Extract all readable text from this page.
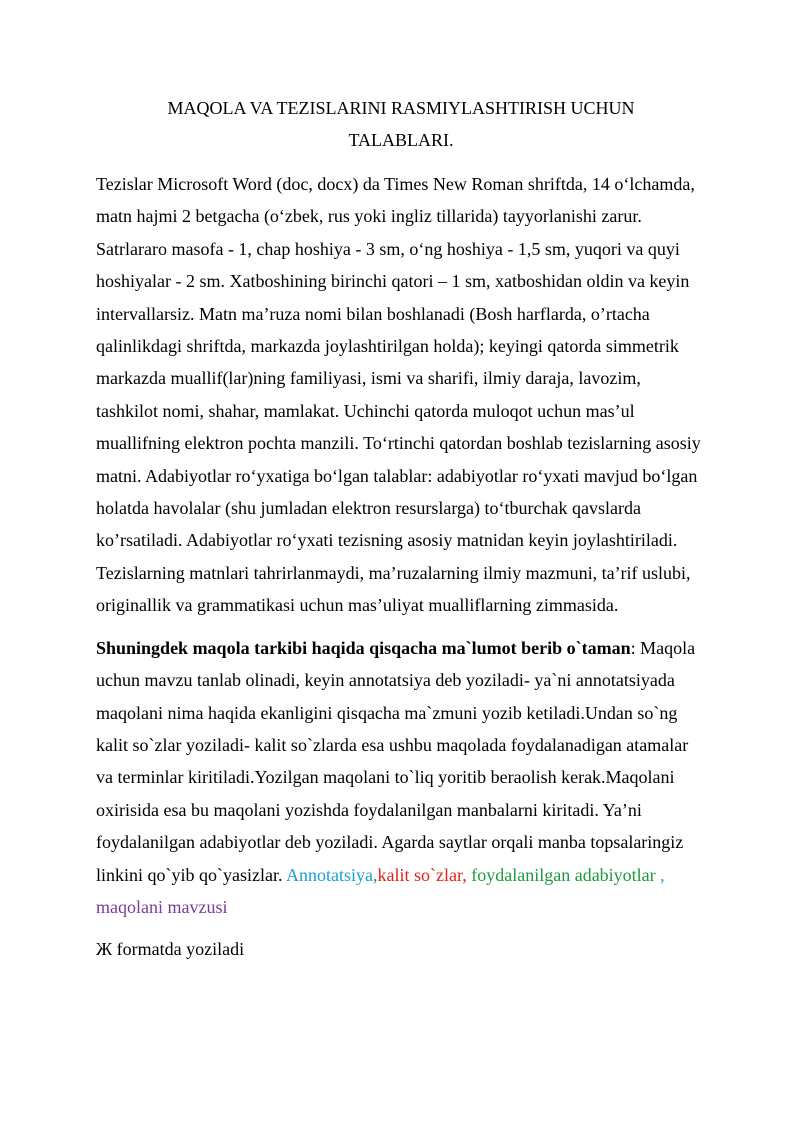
MAQOLA VA TEZISLARINI RASMIYLASHTIRISH UCHUN
TALABLARI.

Tezislar Microsoft Word (doc, docx) da Times New Roman shriftda, 14 o‘lchamda, matn hajmi 2 betgacha (o‘zbek, rus yoki ingliz tillarida) tayyorlanishi zarur. Satrlararo masofa - 1, chap hoshiya - 3 sm, o‘ng hoshiya - 1,5 sm, yuqori va quyi hoshiyalar - 2 sm. Xatboshining birinchi qatori – 1 sm, xatboshidan oldin va keyin intervallarsiz. Matn ma’ruza nomi bilan boshlanadi (Bosh harflarda, o’rtacha qalinlikdagi shriftda, markazda joylashtirilgan holda); keyingi qatorda simmetrik markazda muallif(lar)ning familiyasi, ismi va sharifi, ilmiy daraja, lavozim, tashkilot nomi, shahar, mamlakat. Uchinchi qatorda muloqot uchun mas’ul muallifning elektron pochta manzili. To‘rtinchi qatordan boshlab tezislarning asosiy matni. Adabiyotlar ro‘yxatiga bo‘lgan talablar: adabiyotlar ro‘yxati mavjud bo‘lgan holatda havolalar (shu jumladan elektron resurslarga) to‘tburchak qavslarda ko’rsatiladi. Adabiyotlar ro‘yxati tezisning asosiy matnidan keyin joylashtiriladi. Tezislarning matnlari tahrirlanmaydi, ma’ruzalarning ilmiy mazmuni, ta’rif uslubi, originallik va grammatikasi uchun mas’uliyat mualliflarning zimmasida.

Shuningdek maqola tarkibi haqida qisqacha ma`lumot berib o`taman: Maqola uchun mavzu tanlab olinadi, keyin annotatsiya deb yoziladi- ya`ni annotatsiyada maqolani nima haqida ekanligini qisqacha ma`zmuni yozib ketiladi.Undan so`ng kalit so`zlar yoziladi- kalit so`zlarda esa ushbu maqolada foydalanadigan atamalar va terminlar kiritiladi.Yozilgan maqolani to`liq yoritib beraolish kerak.Maqolani oxirisida esa bu maqolani yozishda foydalanilgan manbalarni kiritadi. Ya’ni foydalanilgan adabiyotlar deb yoziladi. Agarda saytlar orqali manba topsalaringiz linkini qo`yib qo`yasizlar. Annotatsiya,kalit so`zlar, foydalanilgan adabiyotlar , maqolani mavzusi

Ж formatda yoziladi
